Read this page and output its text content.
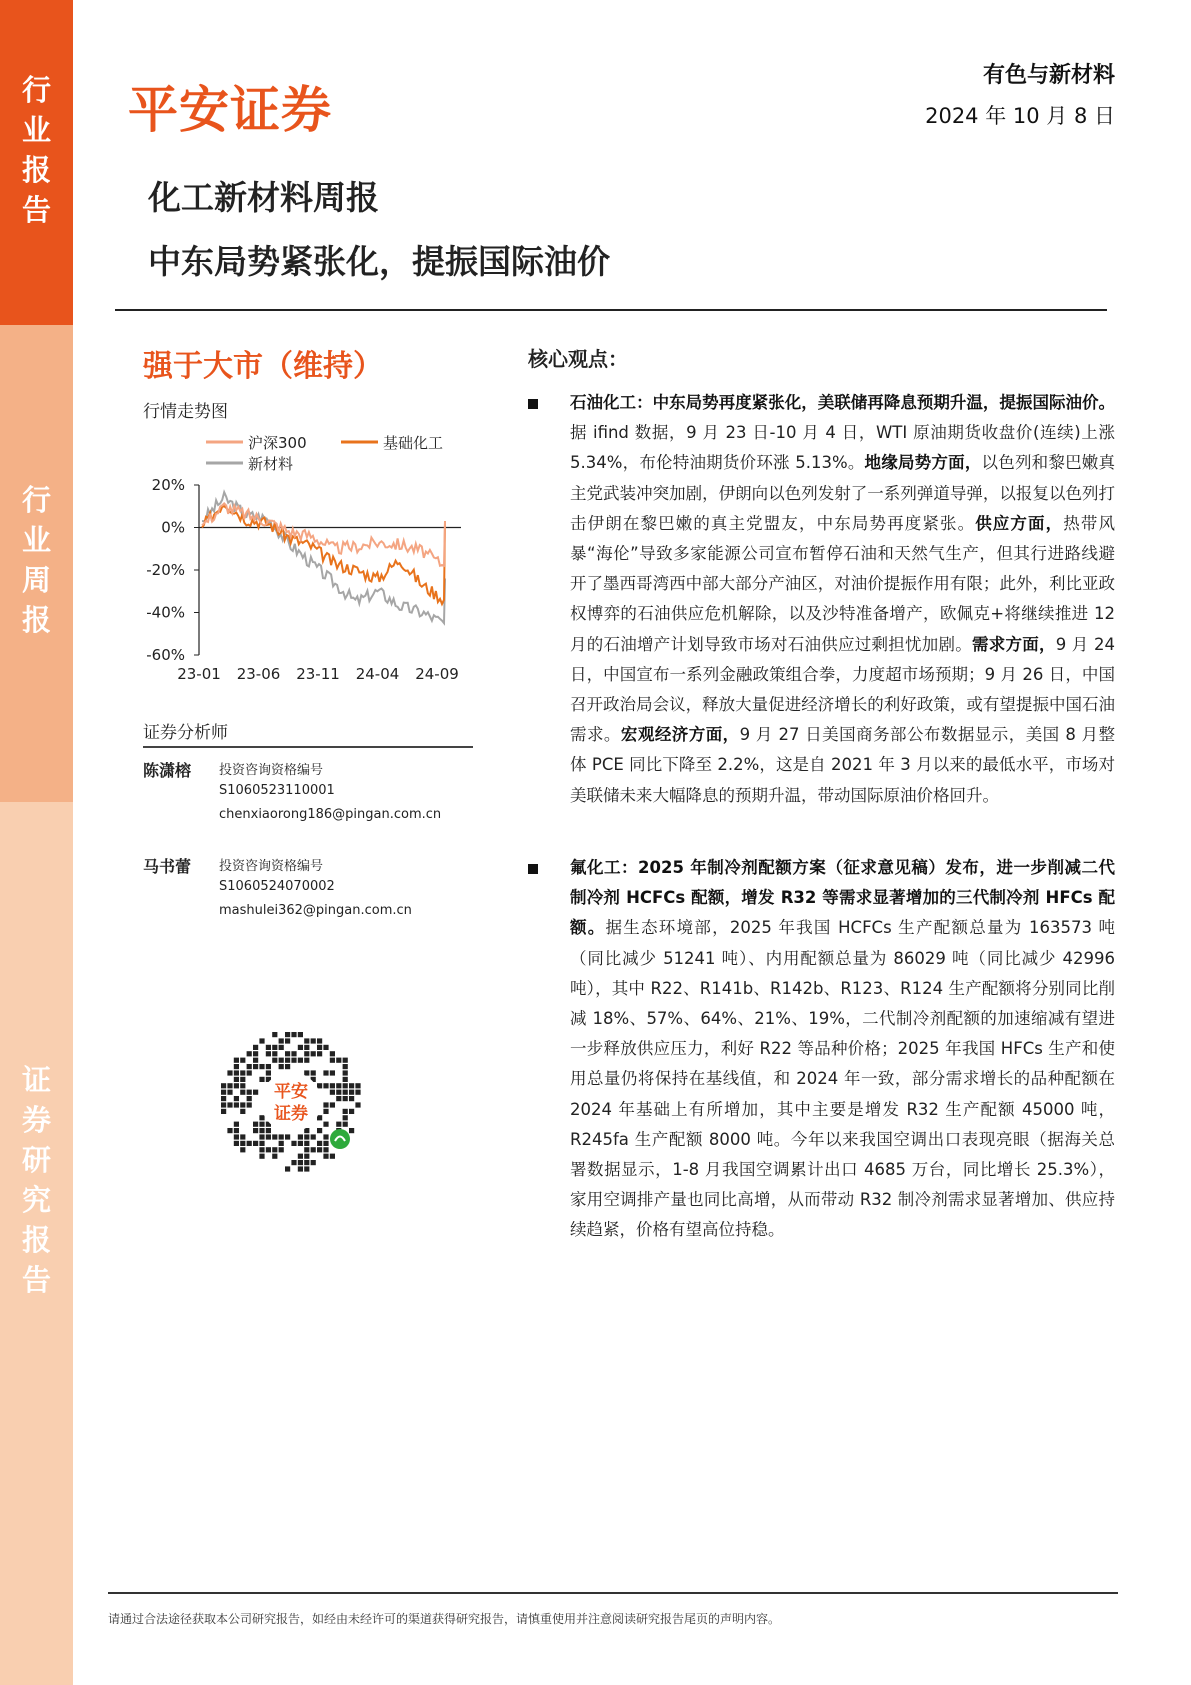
行
业
报
告
行
业
周
报
证
券
研
究
报
告
平安证券
有色与新材料
2024 年 10 月 8 日
化工新材料周报
中东局势紧张化，提振国际油价
强于大市（维持）
行情走势图
20%
0%
-20%
-40%
-60%
23-01 23-06 23-11 24-04 24-09
沪深300	基础化工
新材料
证券分析师
陈潇榕	投资咨询资格编号
S1060523110001
chenxiaorong186@pingan.com.cn
马书蕾	投资咨询资格编号
S1060524070002
mashulei362@pingan.com.cn
平安
证券
核心观点：
石油化工：中东局势再度紧张化，美联储再降息预期升温，提振国际油价。据 ifind 数据，9 月 23 日-10 月 4 日，WTI 原油期货收盘价(连续)上涨 5.34%，布伦特油期货价环涨 5.13%。地缘局势方面，以色列和黎巴嫩真主党武装冲突加剧，伊朗向以色列发射了一系列弹道导弹，以报复以色列打击伊朗在黎巴嫩的真主党盟友，中东局势再度紧张。供应方面，热带风暴“海伦”导致多家能源公司宣布暂停石油和天然气生产，但其行进路线避开了墨西哥湾西中部大部分产油区，对油价提振作用有限；此外，利比亚政权博弈的石油供应危机解除，以及沙特准备增产，欧佩克+将继续推进 12 月的石油增产计划导致市场对石油供应过剩担忧加剧。需求方面，9 月 24 日，中国宣布一系列金融政策组合拳，力度超市场预期；9 月 26 日，中国召开政治局会议，释放大量促进经济增长的利好政策，或有望提振中国石油需求。宏观经济方面，9 月 27 日美国商务部公布数据显示，美国 8 月整体 PCE 同比下降至 2.2%，这是自 2021 年 3 月以来的最低水平，市场对美联储未来大幅降息的预期升温，带动国际原油价格回升。
氟化工：2025 年制冷剂配额方案（征求意见稿）发布，进一步削减二代制冷剂 HCFCs 配额，增发 R32 等需求显著增加的三代制冷剂 HFCs 配额。据生态环境部，2025 年我国 HCFCs 生产配额总量为 163573 吨（同比减少 51241 吨）、内用配额总量为 86029 吨（同比减少 42996 吨），其中 R22、R141b、R142b、R123、R124 生产配额将分别同比削减 18%、57%、64%、21%、19%，二代制冷剂配额的加速缩减有望进一步释放供应压力，利好 R22 等品种价格；2025 年我国 HFCs 生产和使用总量仍将保持在基线值，和 2024 年一致，部分需求增长的品种配额在 2024 年基础上有所增加，其中主要是增发 R32 生产配额 45000 吨，R245fa 生产配额 8000 吨。今年以来我国空调出口表现亮眼（据海关总署数据显示，1-8 月我国空调累计出口 4685 万台，同比增长 25.3%），家用空调排产量也同比高增，从而带动 R32 制冷剂需求显著增加、供应持续趋紧，价格有望高位持稳。
请通过合法途径获取本公司研究报告，如经由未经许可的渠道获得研究报告，请慎重使用并注意阅读研究报告尾页的声明内容。
